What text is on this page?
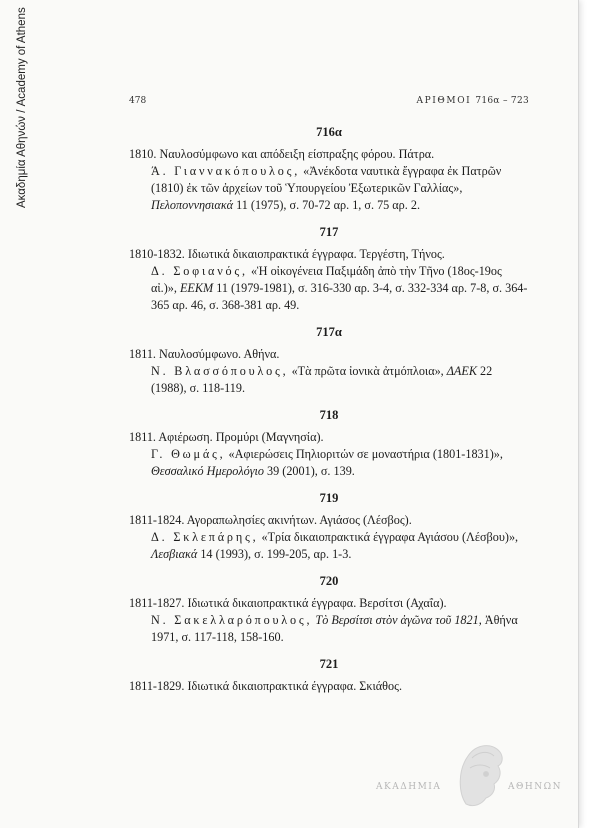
Ακαδημία Αθηνών / Academy of Athens	478	ΑΡΙΘΜΟΙ 716α – 723
716α
1810. Ναυλοσύμφωνο και απόδειξη είσπραξης φόρου. Πάτρα.
Ά. Γιαννακόπουλος, «Ἀνέκδοτα ναυτικὰ ἔγγραφα ἐκ Πατρῶν (1810) ἐκ τῶν ἀρχείων τοῦ Ὑπουργείου Ἐξωτερικῶν Γαλλίας», Πελοποννησιακά 11 (1975), σ. 70-72 αρ. 1, σ. 75 αρ. 2.
717
1810-1832. Ιδιωτικά δικαιοπρακτικά έγγραφα. Τεργέστη, Τήνος.
Δ. Σοφιανός, «Ἡ οἰκογένεια Παξιμάδη ἀπὸ τὴν Τῆνο (18ος-19ος αἰ.)», ΕΕΚΜ 11 (1979-1981), σ. 316-330 αρ. 3-4, σ. 332-334 αρ. 7-8, σ. 364-365 αρ. 46, σ. 368-381 αρ. 49.
717α
1811. Ναυλοσύμφωνο. Αθήνα.
Ν. Βλασσόπουλος, «Τὰ πρῶτα ἰονικὰ ἀτμόπλοια», ΔΑΕΚ 22 (1988), σ. 118-119.
718
1811. Αφιέρωση. Προμύρι (Μαγνησία).
Γ. Θωμάς, «Αφιερώσεις Πηλιοριτών σε μοναστήρια (1801-1831)», Θεσσαλικό Ημερολόγιο 39 (2001), σ. 139.
719
1811-1824. Αγοραπωλησίες ακινήτων. Αγιάσος (Λέσβος).
Δ. Σκλεπάρης, «Τρία δικαιοπρακτικά έγγραφα Αγιάσου (Λέσβου)», Λεσβιακά 14 (1993), σ. 199-205, αρ. 1-3.
720
1811-1827. Ιδιωτικά δικαιοπρακτικά έγγραφα. Βερσίτσι (Αχαΐα).
Ν. Σακελλαρόπουλος, Τὸ Βερσίτσι στὸν ἀγῶνα τοῦ 1821, Ἀθήνα 1971, σ. 117-118, 158-160.
721
1811-1829. Ιδιωτικά δικαιοπρακτικά έγγραφα. Σκιάθος.
ΑΚΑΔΗΜΙΑ	ΑΘΗΝΩΝ
